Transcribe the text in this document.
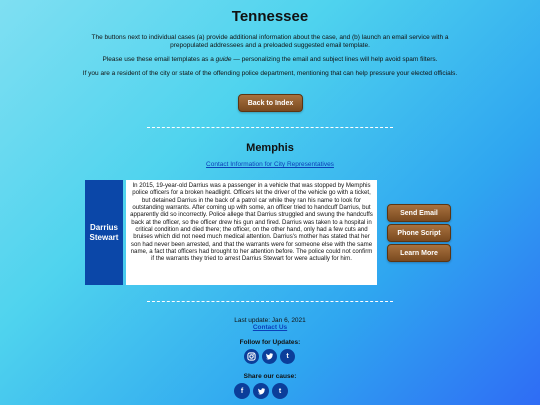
Tennessee

The buttons next to individual cases (a) provide additional information about the case, and (b) launch an email service with a prepopulated addressees and a preloaded suggested email template.

Please use these email templates as a guide — personalizing the email and subject lines will help avoid spam filters.

If you are a resident of the city or state of the offending police department, mentioning that can help pressure your elected officials.

Back to Index
Memphis
Contact Information for City Representatives
Darrius Stewart
In 2015, 19-year-old Darrius was a passenger in a vehicle that was stopped by Memphis police officers for a broken headlight. Officers let the driver of the vehicle go with a ticket, but detained Darrius in the back of a patrol car while they ran his name to look for outstanding warrants. After coming up with some, an officer tried to handcuff Darrius, but apparently did so incorrectly. Police allege that Darrius struggled and swung the handcuffs back at the officer, so the officer drew his gun and fired. Darrius was taken to a hospital in critical condition and died there; the officer, on the other hand, only had a few cuts and bruises which did not need much medical attention. Darrius's mother has stated that her son had never been arrested, and that the warrants were for someone else with the same name, a fact that officers had brought to her attention before. The police could not confirm if the warrants they tried to arrest Darrius Stewart for were actually for him.
Send Email
Phone Script
Learn More
Last update: Jan 6, 2021
Contact Us
Follow for Updates:
t
Share our cause:
f	t
